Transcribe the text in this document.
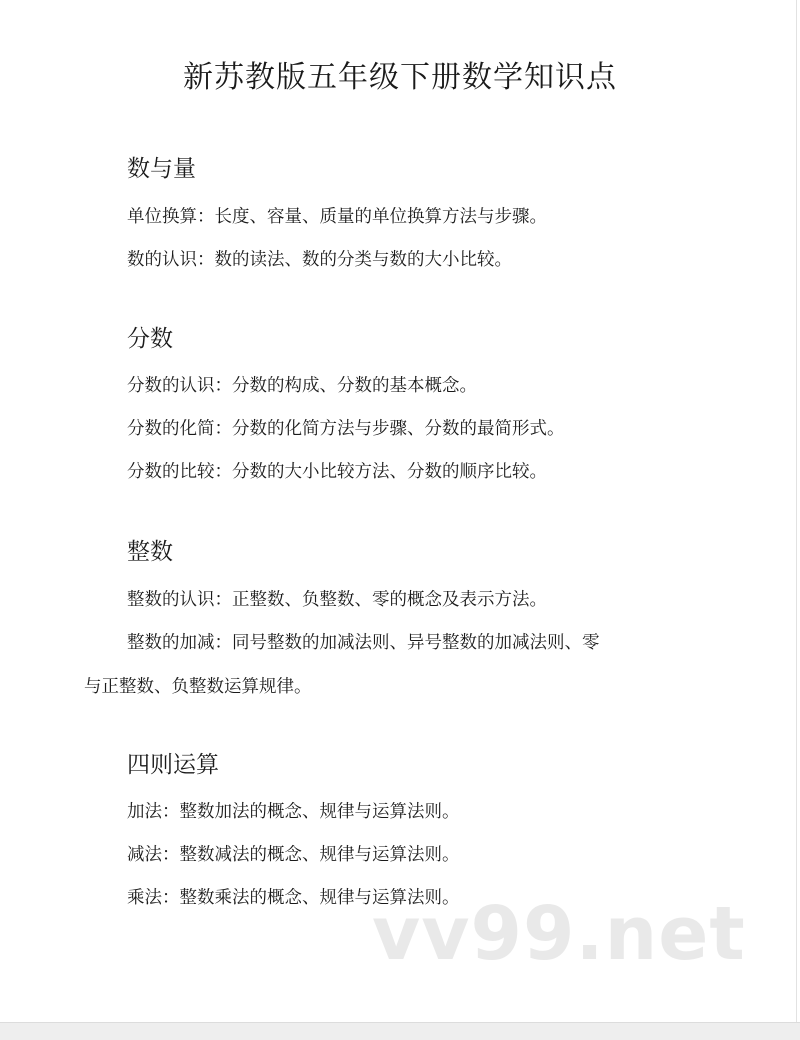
新苏教版五年级下册数学知识点
数与量
单位换算：长度、容量、质量的单位换算方法与步骤。
数的认识：数的读法、数的分类与数的大小比较。
分数
分数的认识：分数的构成、分数的基本概念。
分数的化简：分数的化简方法与步骤、分数的最简形式。
分数的比较：分数的大小比较方法、分数的顺序比较。
整数
整数的认识：正整数、负整数、零的概念及表示方法。
整数的加减：同号整数的加减法则、异号整数的加减法则、零
与正整数、负整数运算规律。
四则运算
加法：整数加法的概念、规律与运算法则。
减法：整数减法的概念、规律与运算法则。
乘法：整数乘法的概念、规律与运算法则。
vv99.net
